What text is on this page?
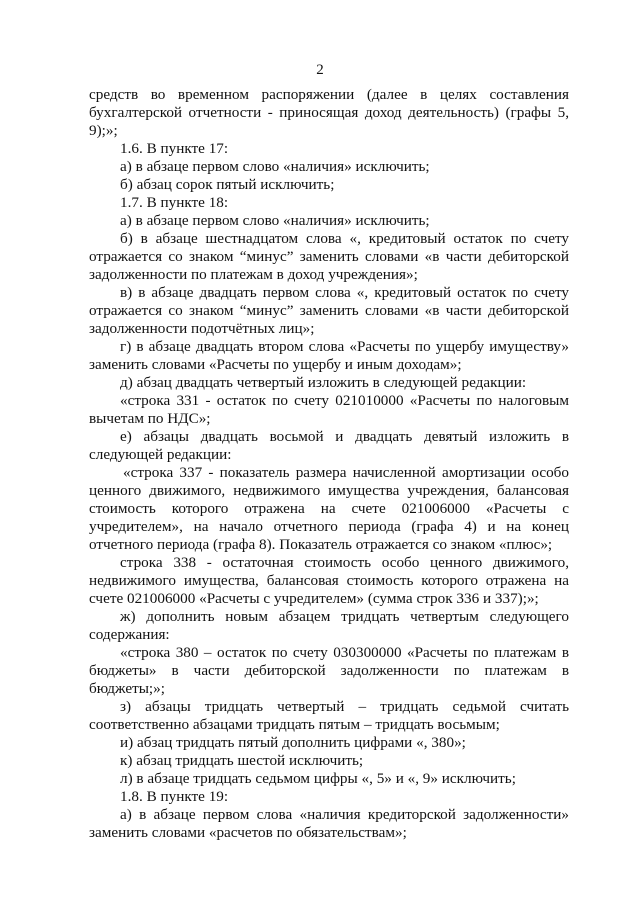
2

средств во временном распоряжении (далее в целях составления бухгалтерской отчетности - приносящая доход деятельность) (графы 5, 9);»;

1.6. В пункте 17:

а) в абзаце первом слово «наличия» исключить;

б) абзац сорок пятый исключить;

1.7. В пункте 18:

а) в абзаце первом слово «наличия» исключить;

б) в абзаце шестнадцатом слова «, кредитовый остаток по счету отражается со знаком “минус” заменить словами «в части дебиторской задолженности по платежам в доход учреждения»;

в) в абзаце двадцать первом слова «, кредитовый остаток по счету отражается со знаком “минус” заменить словами «в части дебиторской задолженности подотчётных лиц»;

г) в абзаце двадцать втором слова «Расчеты по ущербу имуществу» заменить словами «Расчеты по ущербу и иным доходам»;

д) абзац двадцать четвертый изложить в следующей редакции:

«строка 331 - остаток по счету 021010000 «Расчеты по налоговым вычетам по НДС»;

е) абзацы двадцать восьмой и двадцать девятый изложить в следующей редакции:

«строка 337 - показатель размера начисленной амортизации особо ценного движимого, недвижимого имущества учреждения, балансовая стоимость которого отражена на счете 021006000 «Расчеты с учредителем», на начало отчетного периода (графа 4) и на конец отчетного периода (графа 8). Показатель отражается со знаком «плюс»;

строка 338 - остаточная стоимость особо ценного движимого, недвижимого имущества, балансовая стоимость которого отражена на счете 021006000 «Расчеты с учредителем» (сумма строк 336 и 337);»;

ж) дополнить новым абзацем тридцать четвертым следующего содержания:

«строка 380 – остаток по счету 030300000 «Расчеты по платежам в бюджеты» в части дебиторской задолженности по платежам в бюджеты;»;

з) абзацы тридцать четвертый – тридцать седьмой считать соответственно абзацами тридцать пятым – тридцать восьмым;

и) абзац тридцать пятый дополнить цифрами «, 380»;

к) абзац тридцать шестой исключить;

л) в абзаце тридцать седьмом цифры «, 5» и «, 9» исключить;

1.8. В пункте 19:

а) в абзаце первом слова «наличия кредиторской задолженности» заменить словами «расчетов по обязательствам»;
